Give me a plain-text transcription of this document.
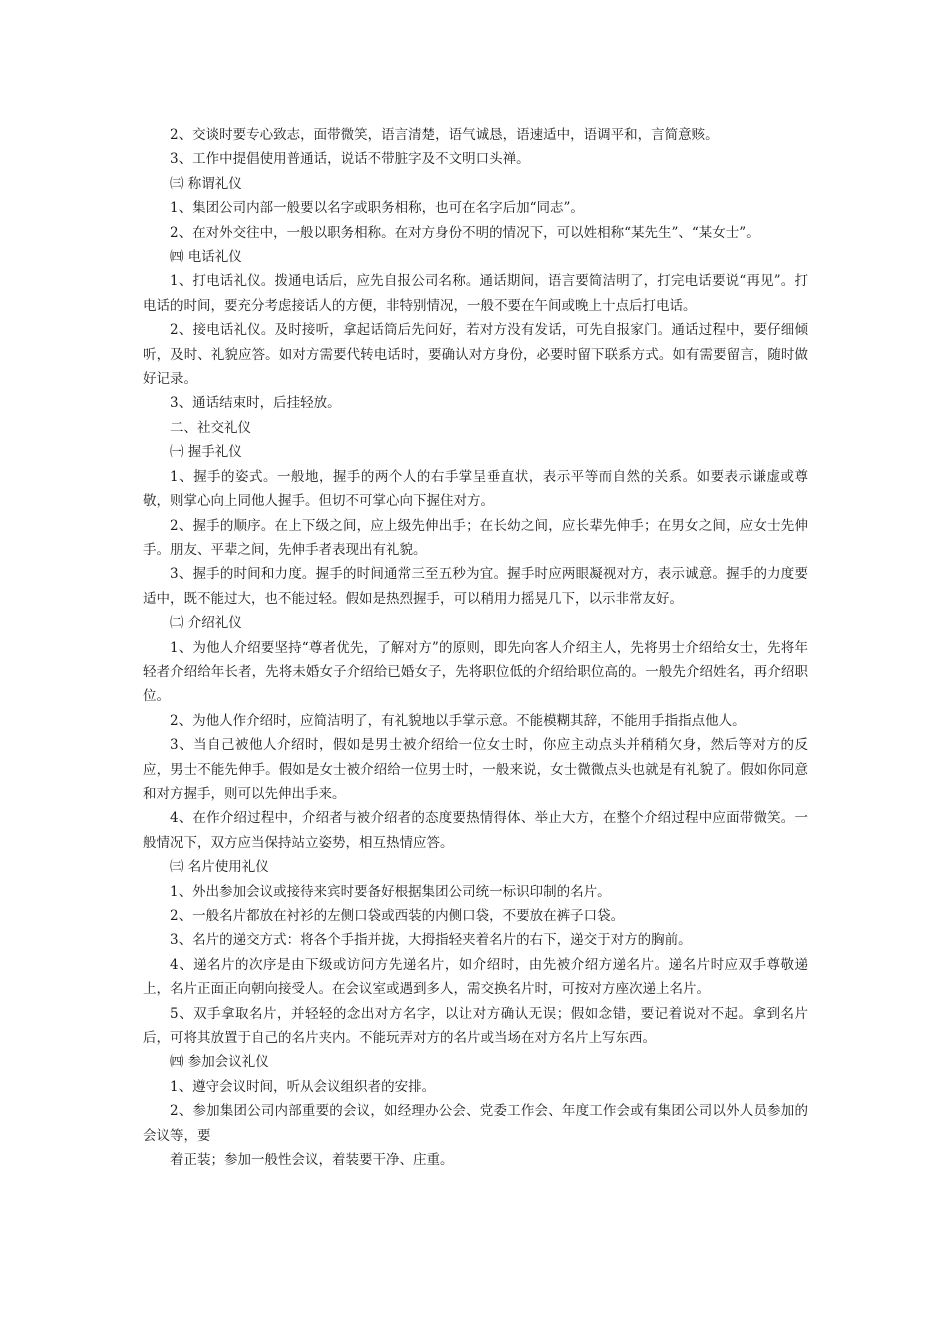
2、交谈时要专心致志，面带微笑，语言清楚，语气诚恳，语速适中，语调平和，言简意赅。

3、工作中提倡使用普通话，说话不带脏字及不文明口头禅。

㈢ 称谓礼仪

1、集团公司内部一般要以名字或职务相称，也可在名字后加“同志”。

2、在对外交往中，一般以职务相称。在对方身份不明的情况下，可以姓相称“某先生”、“某女士”。

㈣ 电话礼仪

1、打电话礼仪。拨通电话后，应先自报公司名称。通话期间，语言要简洁明了，打完电话要说“再见”。打电话的时间，要充分考虑接话人的方便，非特别情况，一般不要在午间或晚上十点后打电话。

2、接电话礼仪。及时接听，拿起话筒后先问好，若对方没有发话，可先自报家门。通话过程中，要仔细倾听，及时、礼貌应答。如对方需要代转电话时，要确认对方身份，必要时留下联系方式。如有需要留言，随时做好记录。

3、通话结束时，后挂轻放。

二、社交礼仪

㈠ 握手礼仪

1、握手的姿式。一般地，握手的两个人的右手掌呈垂直状，表示平等而自然的关系。如要表示谦虚或尊敬，则掌心向上同他人握手。但切不可掌心向下握住对方。

2、握手的顺序。在上下级之间，应上级先伸出手；在长幼之间，应长辈先伸手；在男女之间，应女士先伸手。朋友、平辈之间，先伸手者表现出有礼貌。

3、握手的时间和力度。握手的时间通常三至五秒为宜。握手时应两眼凝视对方，表示诚意。握手的力度要适中，既不能过大，也不能过轻。假如是热烈握手，可以稍用力摇晃几下，以示非常友好。

㈡ 介绍礼仪

1、为他人介绍要坚持“尊者优先，了解对方”的原则，即先向客人介绍主人，先将男士介绍给女士，先将年轻者介绍给年长者，先将未婚女子介绍给已婚女子，先将职位低的介绍给职位高的。一般先介绍姓名，再介绍职位。

2、为他人作介绍时，应简洁明了，有礼貌地以手掌示意。不能模糊其辞，不能用手指指点他人。

3、当自己被他人介绍时，假如是男士被介绍给一位女士时，你应主动点头并稍稍欠身，然后等对方的反应，男士不能先伸手。假如是女士被介绍给一位男士时，一般来说，女士微微点头也就是有礼貌了。假如你同意和对方握手，则可以先伸出手来。

4、在作介绍过程中，介绍者与被介绍者的态度要热情得体、举止大方，在整个介绍过程中应面带微笑。一般情况下，双方应当保持站立姿势，相互热情应答。

㈢ 名片使用礼仪

1、外出参加会议或接待来宾时要备好根据集团公司统一标识印制的名片。

2、一般名片都放在衬衫的左侧口袋或西装的内侧口袋，不要放在裤子口袋。

3、名片的递交方式：将各个手指并拢，大拇指轻夹着名片的右下，递交于对方的胸前。

4、递名片的次序是由下级或访问方先递名片，如介绍时，由先被介绍方递名片。递名片时应双手尊敬递上，名片正面正向朝向接受人。在会议室或遇到多人，需交换名片时，可按对方座次递上名片。

5、双手拿取名片，并轻轻的念出对方名字，以让对方确认无误；假如念错，要记着说对不起。拿到名片后，可将其放置于自己的名片夹内。不能玩弄对方的名片或当场在对方名片上写东西。

㈣ 参加会议礼仪

1、遵守会议时间，听从会议组织者的安排。

2、参加集团公司内部重要的会议，如经理办公会、党委工作会、年度工作会或有集团公司以外人员参加的会议等，要

着正装；参加一般性会议，着装要干净、庄重。
